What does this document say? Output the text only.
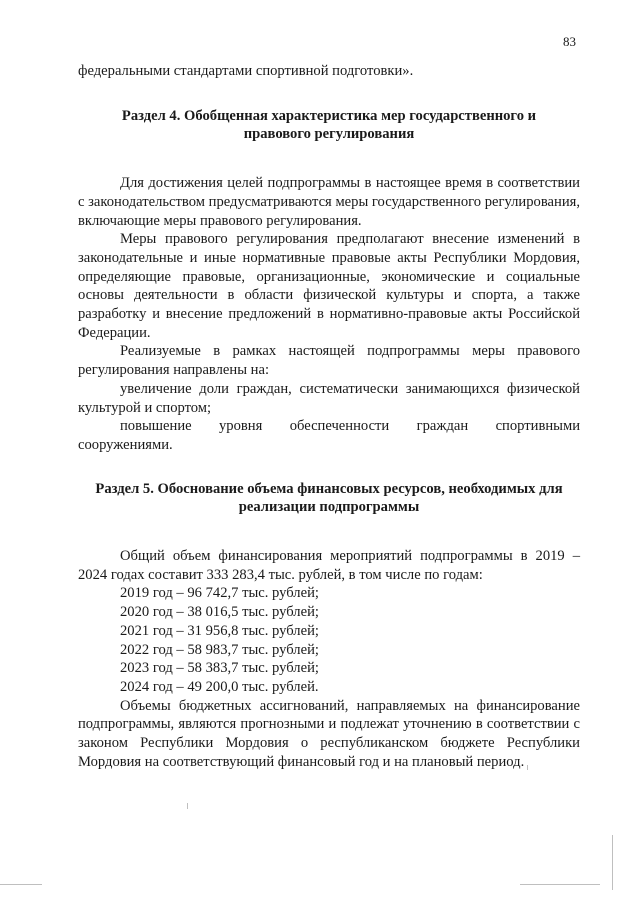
83

федеральными стандартами спортивной подготовки».

Раздел 4. Обобщенная характеристика мер государственного и правового регулирования

Для достижения целей подпрограммы в настоящее время в соответствии с законодательством предусматриваются меры государственного регулирования, включающие меры правового регулирования.

Меры правового регулирования предполагают внесение изменений в законодательные и иные нормативные правовые акты Республики Мордовия, определяющие правовые, организационные, экономические и социальные основы деятельности в области физической культуры и спорта, а также разработку и внесение предложений в нормативно-правовые акты Российской Федерации.

Реализуемые в рамках настоящей подпрограммы меры правового регулирования направлены на:

увеличение доли граждан, систематически занимающихся физической культурой и спортом;

повышение уровня обеспеченности граждан спортивными сооружениями.

Раздел 5. Обоснование объема финансовых ресурсов, необходимых для реализации подпрограммы

Общий объем финансирования мероприятий подпрограммы в 2019 – 2024 годах составит 333 283,4 тыс. рублей, в том числе по годам:

2019 год – 96 742,7 тыс. рублей;

2020 год – 38 016,5 тыс. рублей;

2021 год – 31 956,8 тыс. рублей;

2022 год – 58 983,7 тыс. рублей;

2023 год – 58 383,7 тыс. рублей;

2024 год – 49 200,0 тыс. рублей.

Объемы бюджетных ассигнований, направляемых на финансирование подпрограммы, являются прогнозными и подлежат уточнению в соответствии с законом Республики Мордовия о республиканском бюджете Республики Мордовия на соответствующий финансовый год и на плановый период.
